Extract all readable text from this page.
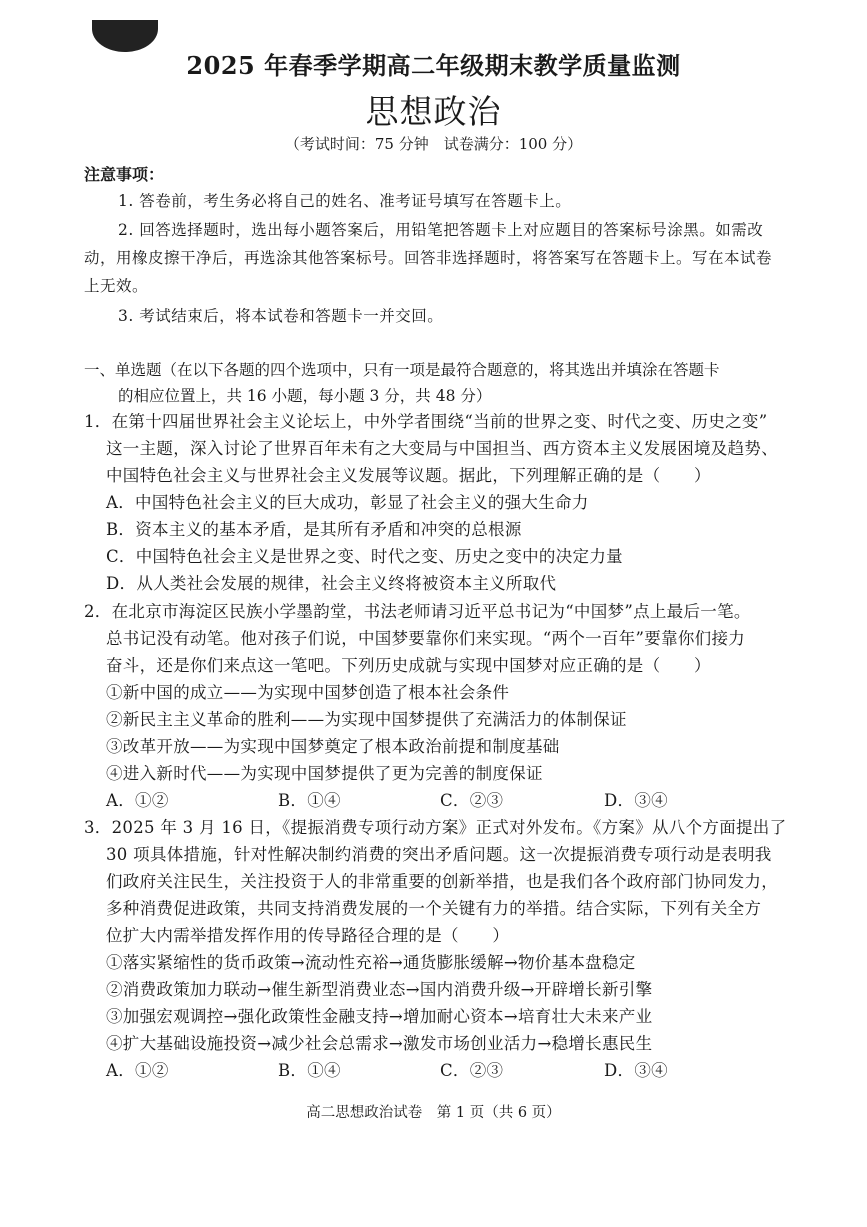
2025 年春季学期高二年级期末教学质量监测
思想政治
（考试时间：75 分钟　试卷满分：100 分）
注意事项：
1. 答卷前，考生务必将自己的姓名、准考证号填写在答题卡上。
2. 回答选择题时，选出每小题答案后，用铅笔把答题卡上对应题目的答案标号涂黑。如需改动，用橡皮擦干净后，再选涂其他答案标号。回答非选择题时，将答案写在答题卡上。写在本试卷上无效。
3. 考试结束后，将本试卷和答题卡一并交回。
一、单选题（在以下各题的四个选项中，只有一项是最符合题意的，将其选出并填涂在答题卡
的相应位置上，共 16 小题，每小题 3 分，共 48 分）
1．在第十四届世界社会主义论坛上，中外学者围绕“当前的世界之变、时代之变、历史之变”
这一主题，深入讨论了世界百年未有之大变局与中国担当、西方资本主义发展困境及趋势、
中国特色社会主义与世界社会主义发展等议题。据此，下列理解正确的是（　　）
A．中国特色社会主义的巨大成功，彰显了社会主义的强大生命力
B．资本主义的基本矛盾，是其所有矛盾和冲突的总根源
C．中国特色社会主义是世界之变、时代之变、历史之变中的决定力量
D．从人类社会发展的规律，社会主义终将被资本主义所取代
2．在北京市海淀区民族小学墨韵堂，书法老师请习近平总书记为“中国梦”点上最后一笔。
总书记没有动笔。他对孩子们说，中国梦要靠你们来实现。“两个一百年”要靠你们接力
奋斗，还是你们来点这一笔吧。下列历史成就与实现中国梦对应正确的是（　　）
①新中国的成立——为实现中国梦创造了根本社会条件
②新民主主义革命的胜利——为实现中国梦提供了充满活力的体制保证
③改革开放——为实现中国梦奠定了根本政治前提和制度基础
④进入新时代——为实现中国梦提供了更为完善的制度保证
A．①②	B．①④	C．②③	D．③④
3．2025 年 3 月 16 日，《提振消费专项行动方案》正式对外发布。《方案》从八个方面提出了
30 项具体措施，针对性解决制约消费的突出矛盾问题。这一次提振消费专项行动是表明我
们政府关注民生，关注投资于人的非常重要的创新举措，也是我们各个政府部门协同发力，
多种消费促进政策，共同支持消费发展的一个关键有力的举措。结合实际，下列有关全方
位扩大内需举措发挥作用的传导路径合理的是（　　）
①落实紧缩性的货币政策→流动性充裕→通货膨胀缓解→物价基本盘稳定
②消费政策加力联动→催生新型消费业态→国内消费升级→开辟增长新引擎
③加强宏观调控→强化政策性金融支持→增加耐心资本→培育壮大未来产业
④扩大基础设施投资→减少社会总需求→激发市场创业活力→稳增长惠民生
A．①②	B．①④	C．②③	D．③④
高二思想政治试卷　第 1 页（共 6 页）
